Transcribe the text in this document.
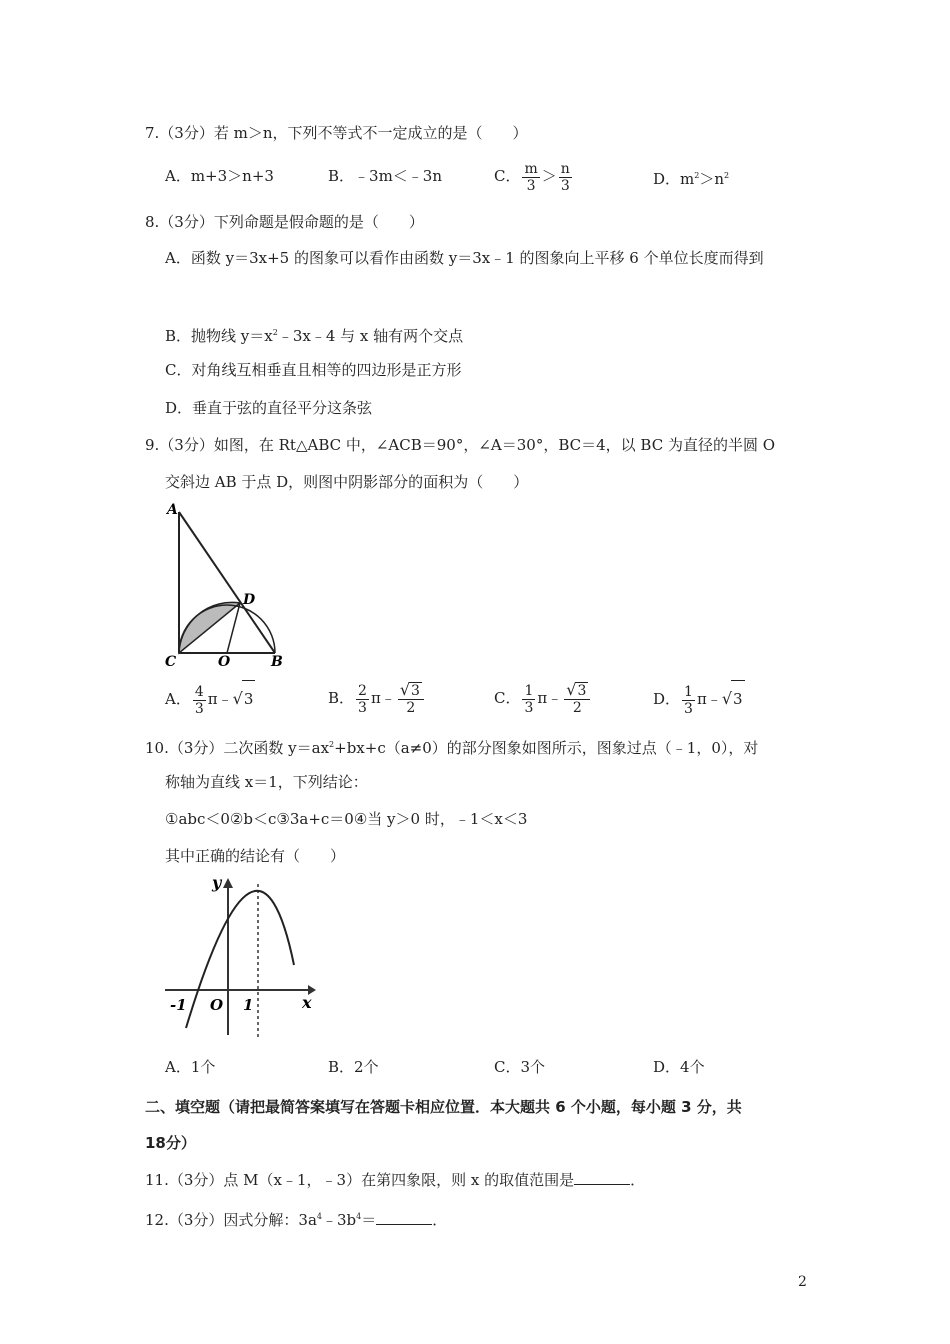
7.（3分）若 m＞n，下列不等式不一定成立的是（　　）
A．m+3＞n+3	B．﹣3m＜﹣3n	C． $\frac{m}{3} > \frac{n}{3}$	D．$m^2>n^2$
8.（3分）下列命题是假命题的是（　　）
A．函数 y＝3x+5 的图象可以看作由函数 y＝3x﹣1 的图象向上平移 6 个单位长度而得到
B．抛物线 $y=x^2﹣3x﹣4$ 与 x 轴有两个交点
C．对角线互相垂直且相等的四边形是正方形
D．垂直于弦的直径平分这条弦
9.（3分）如图，在 Rt△ABC 中，∠ACB＝90°，∠A＝30°，BC＝4，以 BC 为直径的半圆 O
交斜边 AB 于点 D，则图中阴影部分的面积为（　　）
A
C	O	B
D
A． $\frac{4}{3}$ π﹣√3	B． $\frac{2}{3}$ π﹣ $\frac{√3}{2}$	C． $\frac{1}{3}$ π﹣ $\frac{√3}{2}$	D． $\frac{1}{3}$ π﹣√3
10.（3分）二次函数 $y=ax^2+bx+c(a\ne 0)$的部分图象如图所示，图象过点（﹣1，0），对
称轴为直线 x＝1，下列结论：
①abc＜0②b＜c③3a+c＝0④当 y＞0 时，﹣1＜x＜3
其中正确的结论有（　　）
y
x
-1 O 1
A．1个	B．2个	C．3个	D．4个
二、填空题（请把最简答案填写在答题卡相应位置．本大题共 6 个小题，每小题 3 分，共
18分）
11.（3分）点 M（x﹣1，﹣3）在第四象限，则 x 的取值范围是	．
12.（3分）因式分解：$3a^4﹣3b^4=$	．
2
